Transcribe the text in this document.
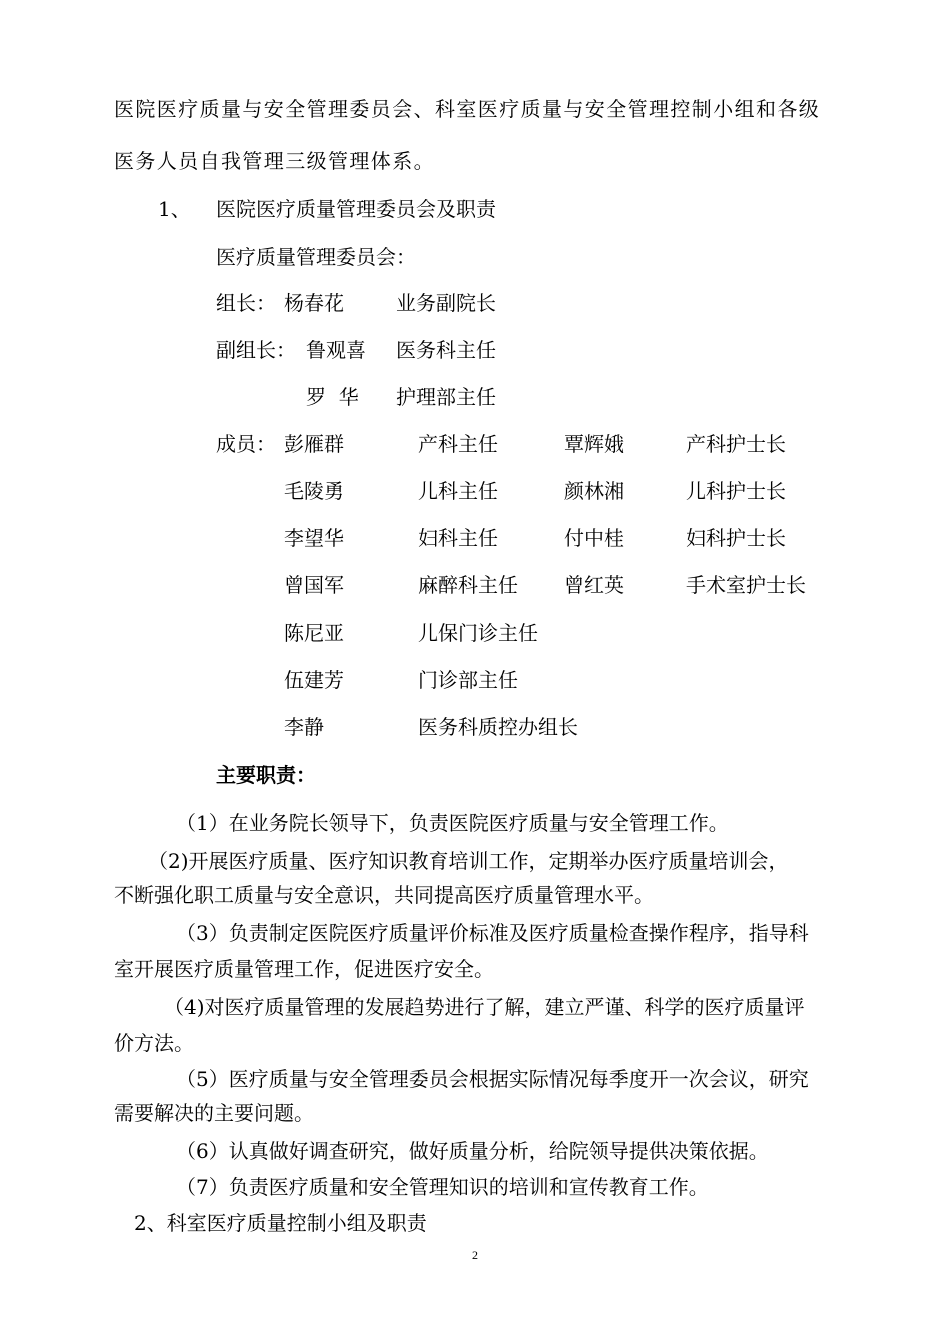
医院医疗质量与安全管理委员会、科室医疗质量与安全管理控制小组和各级
医务人员自我管理三级管理体系。
1、 医院医疗质量管理委员会及职责
医疗质量管理委员会：
组长： 杨春花	业务副院长
副组长： 鲁观喜 医务科主任
罗  华 护理部主任
成员： 彭雁群	产科主任	覃辉娥	产科护士长
毛陵勇	儿科主任	颜林湘	儿科护士长
李望华	妇科主任	付中桂	妇科护士长
曾国军	麻醉科主任 曾红英	手术室护士长
陈尼亚	儿保门诊主任
伍建芳	门诊部主任
李静	医务科质控办组长
主要职责：
（1）在业务院长领导下，负责医院医疗质量与安全管理工作。
（2)开展医疗质量、医疗知识教育培训工作，定期举办医疗质量培训会，
不断强化职工质量与安全意识，共同提高医疗质量管理水平。
（3）负责制定医院医疗质量评价标准及医疗质量检查操作程序，指导科
室开展医疗质量管理工作，促进医疗安全。
（4)对医疗质量管理的发展趋势进行了解，建立严谨、科学的医疗质量评
价方法。
（5）医疗质量与安全管理委员会根据实际情况每季度开一次会议，研究
需要解决的主要问题。
（6）认真做好调查研究，做好质量分析，给院领导提供决策依据。
（7）负责医疗质量和安全管理知识的培训和宣传教育工作。
2、科室医疗质量控制小组及职责
2
